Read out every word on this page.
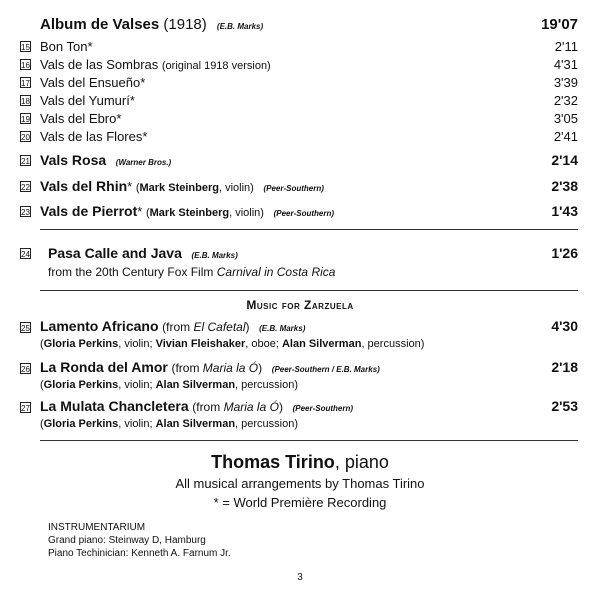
Album de Valses (1918) (E.B. Marks)	19'07
15 Bon Ton*	2'11
16 Vals de las Sombras (original 1918 version)	4'31
17 Vals del Ensueño*	3'39
18 Vals del Yumurí*	2'32
19 Vals del Ebro*	3'05
20 Vals de las Flores*	2'41
21 Vals Rosa (Warner Bros.)	2'14
22 Vals del Rhin* (Mark Steinberg, violin) (Peer-Southern)	2'38
23 Vals de Pierrot* (Mark Steinberg, violin) (Peer-Southern)	1'43
24 Pasa Calle and Java (E.B. Marks)	1'26
from the 20th Century Fox Film Carnival in Costa Rica
Music for Zarzuela
25 Lamento Africano (from El Cafetal) (E.B. Marks)	4'30
(Gloria Perkins, violin; Vivian Fleishaker, oboe; Alan Silverman, percussion)
26 La Ronda del Amor (from Maria la Ó) (Peer-Southern / E.B. Marks)	2'18
(Gloria Perkins, violin; Alan Silverman, percussion)
27 La Mulata Chancletera (from Maria la Ó) (Peer-Southern)	2'53
(Gloria Perkins, violin; Alan Silverman, percussion)
Thomas Tirino, piano
All musical arrangements by Thomas Tirino
* = World Première Recording
INSTRUMENTARIUM
Grand piano: Steinway D, Hamburg
Piano Techinician: Kenneth A. Farnum Jr.
3
